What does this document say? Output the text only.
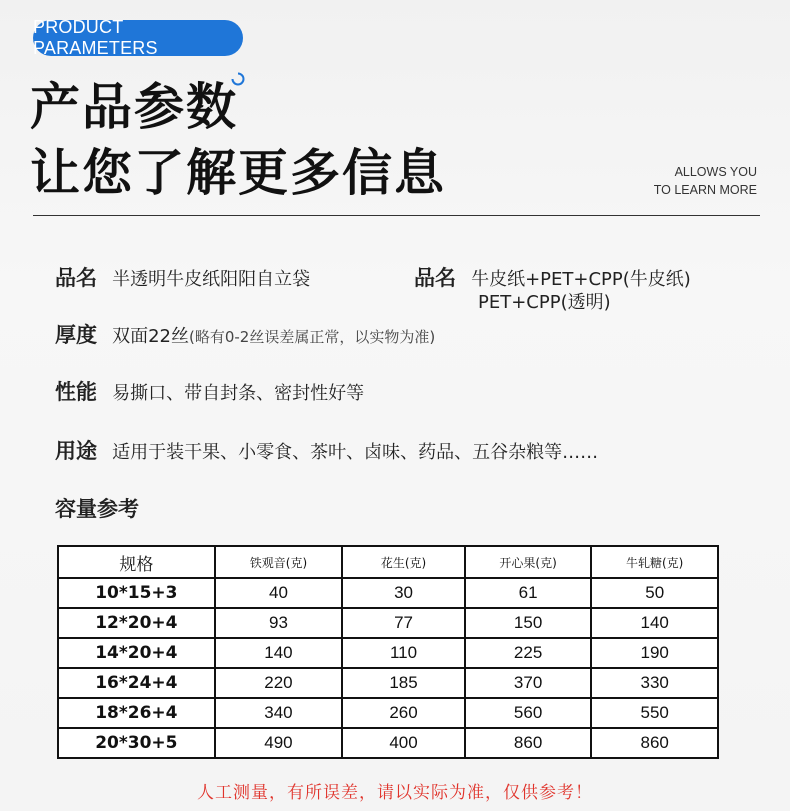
PRODUCT PARAMETERS
产品参数
让您了解更多信息	ALLOWS YOU
TO LEARN MORE
品名 半透明牛皮纸阳阳自立袋	品名 牛皮纸+PET+CPP(牛皮纸)
PET+CPP(透明)
厚度 双面22丝(略有0-2丝误差属正常，以实物为准)
性能 易撕口、带自封条、密封性好等
用途 适用于装干果、小零食、茶叶、卤味、药品、五谷杂粮等……
容量参考
规格	铁观音(克)	花生(克)	开心果(克)	牛轧糖(克)
10*15+3	40	30	61	50
12*20+4	93	77	150	140
14*20+4	140	110	225	190
16*24+4	220	185	370	330
18*26+4	340	260	560	550
20*30+5	490	400	860	860
人工测量，有所误差，请以实际为准，仅供参考！
